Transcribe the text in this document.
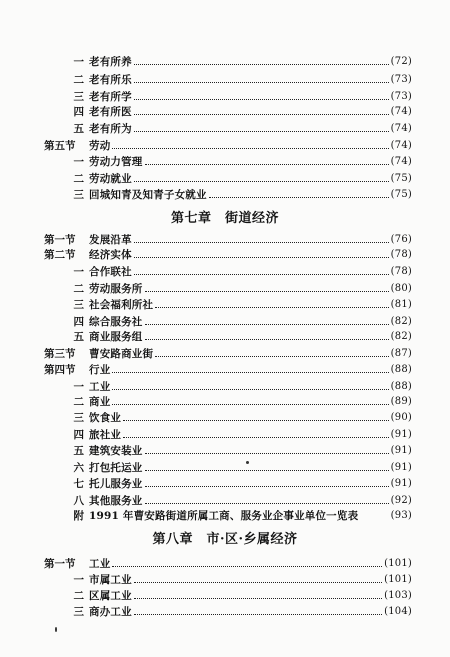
一 老有所养	(72)
二 老有所乐	(73)
三 老有所学	(73)
四 老有所医	(74)
五 老有所为	(74)
第五节	劳动	(74)
一 劳动力管理	(74)
二 劳动就业	(75)
三 回城知青及知青子女就业	(75)
第七章　街道经济
第一节	发展沿革	(76)
第二节	经济实体	(78)
一 合作联社	(78)
二 劳动服务所	(80)
三 社会福利所社	(81)
四 综合服务社	(82)
五 商业服务组	(82)
第三节	曹安路商业街	(87)
第四节	行业	(88)
一 工业	(88)
二 商业	(89)
三 饮食业	(90)
四 旅社业	(91)
五 建筑安装业	(91)
六 打包托运业	(91)
七 托儿服务业	(91)
八 其他服务业	(92)
附 1991 年曹安路街道所属工商、服务业企事业单位一览表	(93)
第八章　市·区·乡属经济
第一节	工业	(101)
一 市属工业	(101)
二 区属工业	(103)
三 商办工业	(104)
